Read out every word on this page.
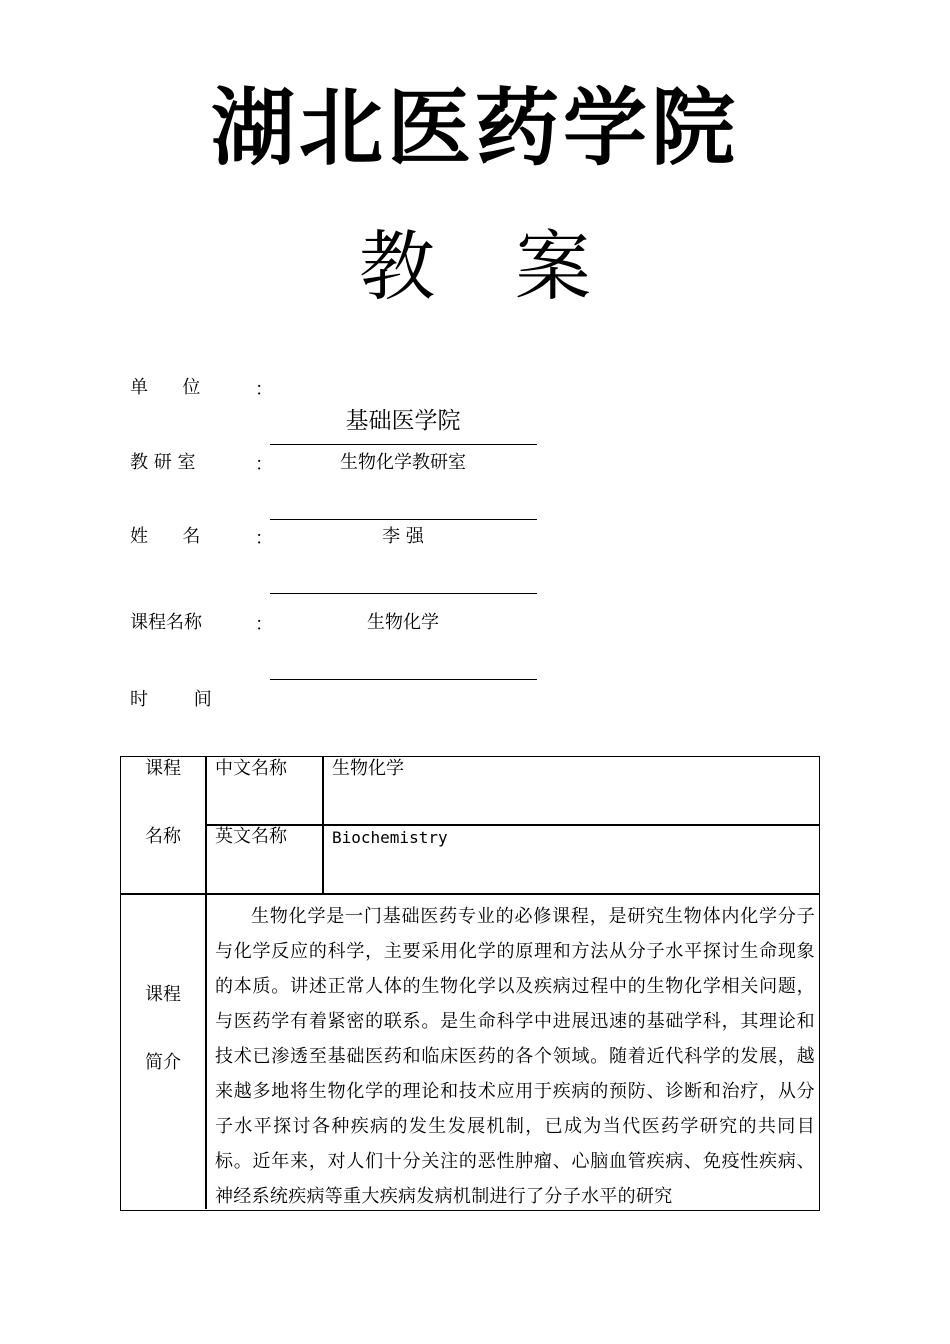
湖北医药学院
教 案
单      位	：
基础医学院
教 研 室	：	生物化学教研室
姓      名	：	李 强
课程名称	：	生物化学
时        间
课程
名称
中文名称	生物化学
英文名称	Biochemistry
课程
简介
生物化学是一门基础医药专业的必修课程，是研究生物体内化学分子与化学反应的科学，主要采用化学的原理和方法从分子水平探讨生命现象的本质。讲述正常人体的生物化学以及疾病过程中的生物化学相关问题，与医药学有着紧密的联系。是生命科学中进展迅速的基础学科，其理论和技术已渗透至基础医药和临床医药的各个领域。随着近代科学的发展，越来越多地将生物化学的理论和技术应用于疾病的预防、诊断和治疗，从分子水平探讨各种疾病的发生发展机制，已成为当代医药学研究的共同目标。近年来，对人们十分关注的恶性肿瘤、心脑血管疾病、免疫性疾病、神经系统疾病等重大疾病发病机制进行了分子水平的研究
